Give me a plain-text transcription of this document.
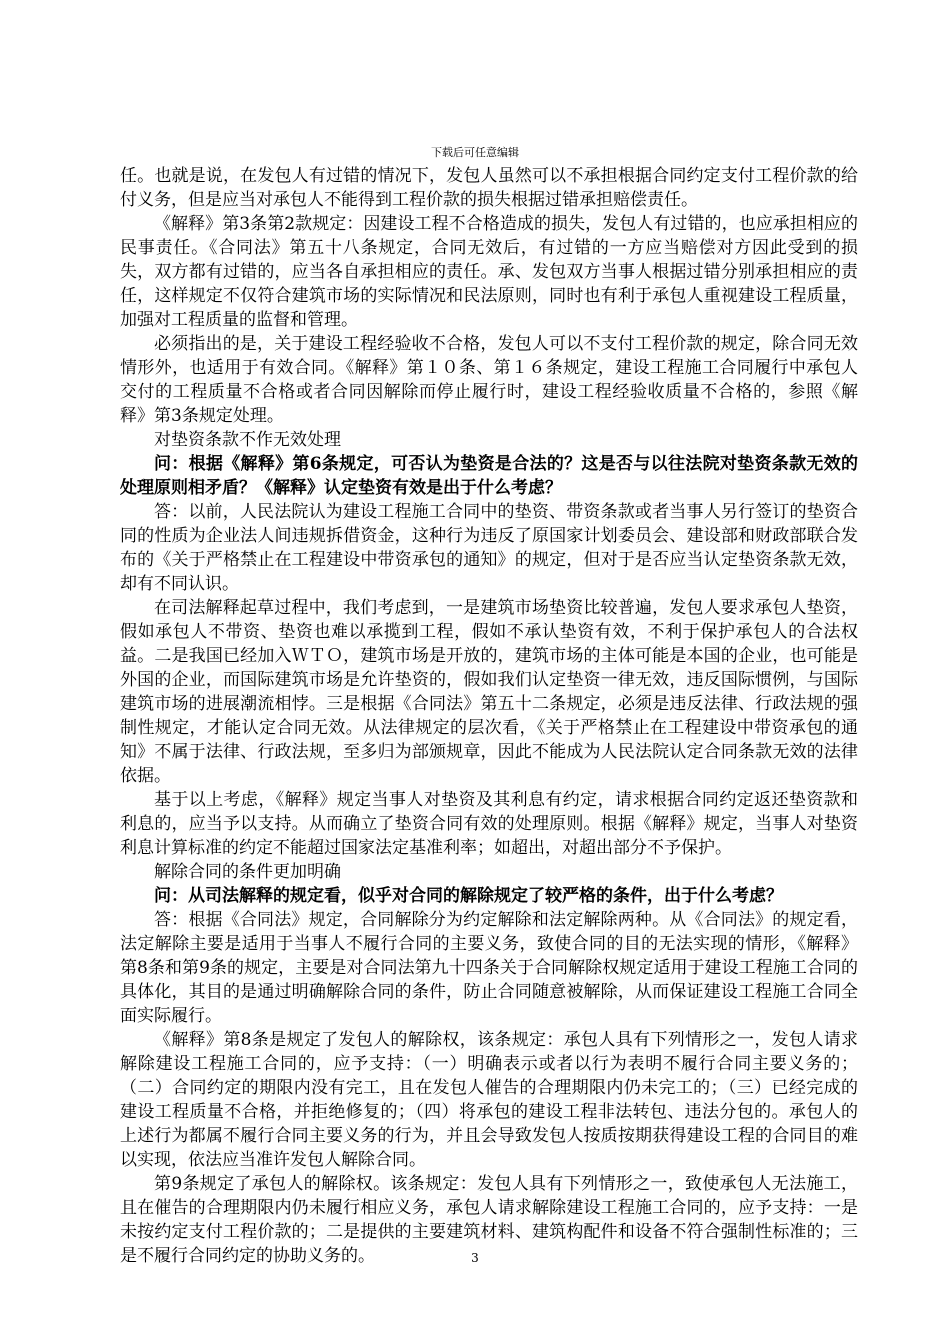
下载后可任意编辑

任。也就是说，在发包人有过错的情况下，发包人虽然可以不承担根据合同约定支付工程价款的给付义务，但是应当对承包人不能得到工程价款的损失根据过错承担赔偿责任。

《解释》第3条第2款规定：因建设工程不合格造成的损失，发包人有过错的，也应承担相应的民事责任。《合同法》第五十八条规定，合同无效后，有过错的一方应当赔偿对方因此受到的损失，双方都有过错的，应当各自承担相应的责任。承、发包双方当事人根据过错分别承担相应的责任，这样规定不仅符合建筑市场的实际情况和民法原则，同时也有利于承包人重视建设工程质量，加强对工程质量的监督和管理。

必须指出的是，关于建设工程经验收不合格，发包人可以不支付工程价款的规定，除合同无效情形外，也适用于有效合同。《解释》第１０条、第１６条规定，建设工程施工合同履行中承包人交付的工程质量不合格或者合同因解除而停止履行时，建设工程经验收质量不合格的，参照《解释》第3条规定处理。

对垫资条款不作无效处理

问：根据《解释》第6条规定，可否认为垫资是合法的？这是否与以往法院对垫资条款无效的处理原则相矛盾？《解释》认定垫资有效是出于什么考虑？

答：以前，人民法院认为建设工程施工合同中的垫资、带资条款或者当事人另行签订的垫资合同的性质为企业法人间违规拆借资金，这种行为违反了原国家计划委员会、建设部和财政部联合发布的《关于严格禁止在工程建设中带资承包的通知》的规定，但对于是否应当认定垫资条款无效，却有不同认识。

在司法解释起草过程中，我们考虑到，一是建筑市场垫资比较普遍，发包人要求承包人垫资，假如承包人不带资、垫资也难以承揽到工程，假如不承认垫资有效，不利于保护承包人的合法权益。二是我国已经加入ＷＴＯ，建筑市场是开放的，建筑市场的主体可能是本国的企业，也可能是外国的企业，而国际建筑市场是允许垫资的，假如我们认定垫资一律无效，违反国际惯例，与国际建筑市场的进展潮流相悖。三是根据《合同法》第五十二条规定，必须是违反法律、行政法规的强制性规定，才能认定合同无效。从法律规定的层次看，《关于严格禁止在工程建设中带资承包的通知》不属于法律、行政法规，至多归为部颁规章，因此不能成为人民法院认定合同条款无效的法律依据。

基于以上考虑，《解释》规定当事人对垫资及其利息有约定，请求根据合同约定返还垫资款和利息的，应当予以支持。从而确立了垫资合同有效的处理原则。根据《解释》规定，当事人对垫资利息计算标准的约定不能超过国家法定基准利率；如超出，对超出部分不予保护。

解除合同的条件更加明确

问：从司法解释的规定看，似乎对合同的解除规定了较严格的条件，出于什么考虑？

答：根据《合同法》规定，合同解除分为约定解除和法定解除两种。从《合同法》的规定看，法定解除主要是适用于当事人不履行合同的主要义务，致使合同的目的无法实现的情形，《解释》第8条和第9条的规定，主要是对合同法第九十四条关于合同解除权规定适用于建设工程施工合同的具体化，其目的是通过明确解除合同的条件，防止合同随意被解除，从而保证建设工程施工合同全面实际履行。

《解释》第8条是规定了发包人的解除权，该条规定：承包人具有下列情形之一，发包人请求解除建设工程施工合同的，应予支持：（一）明确表示或者以行为表明不履行合同主要义务的；（二）合同约定的期限内没有完工，且在发包人催告的合理期限内仍未完工的；（三）已经完成的建设工程质量不合格，并拒绝修复的；（四）将承包的建设工程非法转包、违法分包的。承包人的上述行为都属不履行合同主要义务的行为，并且会导致发包人按质按期获得建设工程的合同目的难以实现，依法应当准许发包人解除合同。

第9条规定了承包人的解除权。该条规定：发包人具有下列情形之一，致使承包人无法施工，且在催告的合理期限内仍未履行相应义务，承包人请求解除建设工程施工合同的，应予支持：一是未按约定支付工程价款的；二是提供的主要建筑材料、建筑构配件和设备不符合强制性标准的；三是不履行合同约定的协助义务的。	3
